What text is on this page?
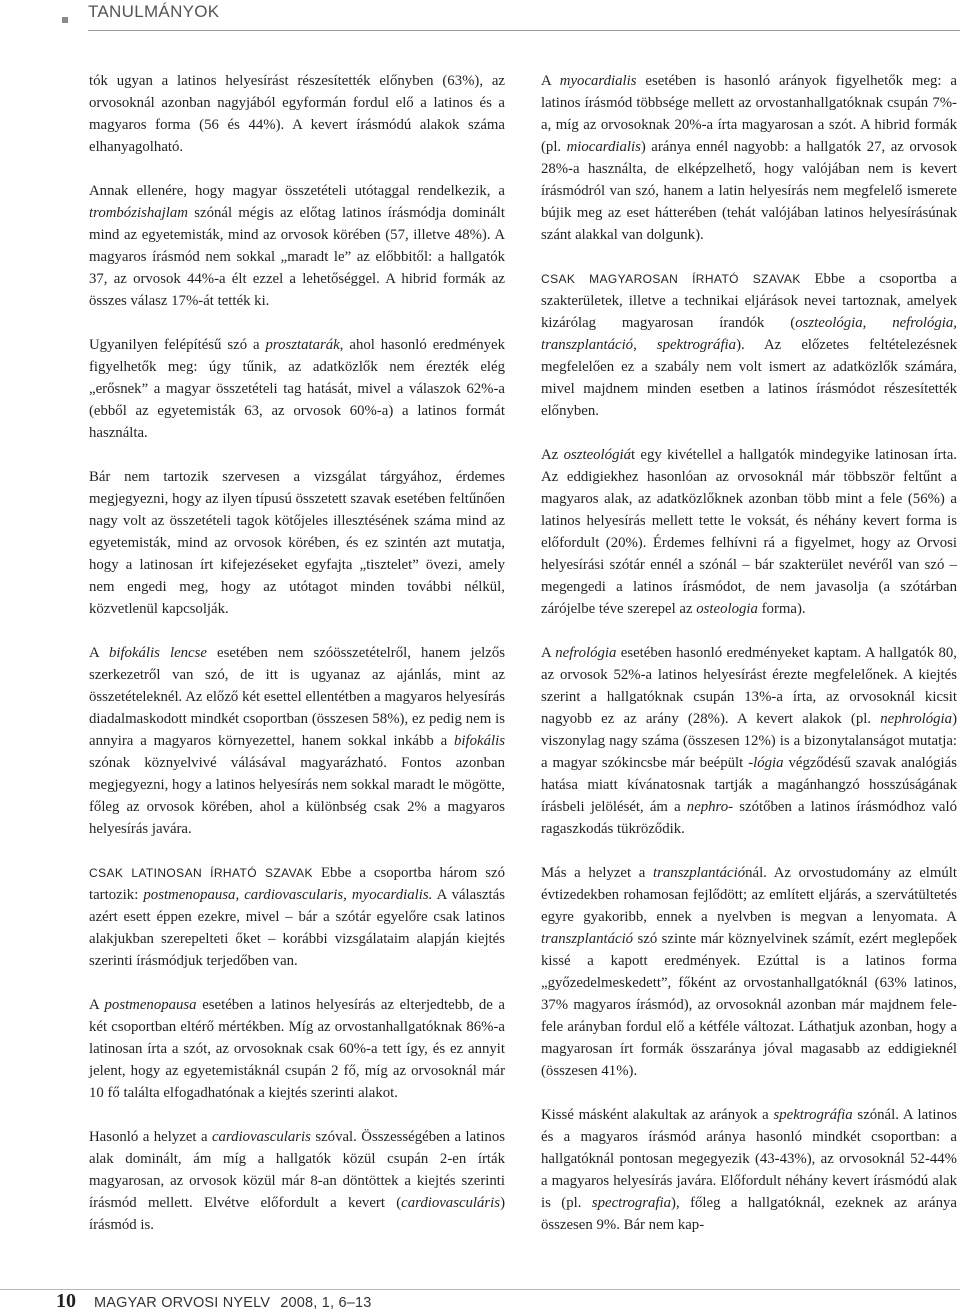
TANULMÁNYOK

tók ugyan a latinos helyesírást részesítették előnyben (63%), az orvosoknál azonban nagyjából egyformán fordul elő a latinos és a magyaros forma (56 és 44%). A kevert írásmódú alakok száma elhanyagolható.

Annak ellenére, hogy magyar összetételi utótaggal rendelkezik, a trombózishajlam szónál mégis az előtag latinos írásmódja dominált mind az egyetemisták, mind az orvosok körében (57, illetve 48%). A magyaros írásmód nem sokkal „maradt le” az előbbitől: a hallgatók 37, az orvosok 44%-a élt ezzel a lehetőséggel. A hibrid formák az összes válasz 17%-át tették ki.

Ugyanilyen felépítésű szó a prosztatarák, ahol hasonló eredmények figyelhetők meg: úgy tűnik, az adatközlők nem érezték elég „erősnek” a magyar összetételi tag hatását, mivel a válaszok 62%-a (ebből az egyetemisták 63, az orvosok 60%-a) a latinos formát használta.

Bár nem tartozik szervesen a vizsgálat tárgyához, érdemes megjegyezni, hogy az ilyen típusú összetett szavak esetében feltűnően nagy volt az összetételi tagok kötőjeles illesztésének száma mind az egyetemisták, mind az orvosok körében, és ez szintén azt mutatja, hogy a latinosan írt kifejezéseket egyfajta „tisztelet” övezi, amely nem engedi meg, hogy az utótagot minden további nélkül, közvetlenül kapcsolják.

A bifokális lencse esetében nem szóösszetételről, hanem jelzős szerkezetről van szó, de itt is ugyanaz az ajánlás, mint az összetételeknél. Az előző két esettel ellentétben a magyaros helyesírás diadalmaskodott mindkét csoportban (összesen 58%), ez pedig nem is annyira a magyaros környezettel, hanem sokkal inkább a bifokális szónak köznyelvivé válásával magyarázható. Fontos azonban megjegyezni, hogy a latinos helyesírás nem sokkal maradt le mögötte, főleg az orvosok körében, ahol a különbség csak 2% a magyaros helyesírás javára.

CSAK LATINOSAN ÍRHATÓ SZAVAK Ebbe a csoportba három szó tartozik: postmenopausa, cardiovascularis, myocardialis. A választás azért esett éppen ezekre, mivel – bár a szótár egyelőre csak latinos alakjukban szerepelteti őket – korábbi vizsgálataim alapján kiejtés szerinti írásmódjuk terjedőben van.

A postmenopausa esetében a latinos helyesírás az elterjedtebb, de a két csoportban eltérő mértékben. Míg az orvostanhallgatóknak 86%-a latinosan írta a szót, az orvosoknak csak 60%-a tett így, és ez annyit jelent, hogy az egyetemistáknál csupán 2 fő, míg az orvosoknál már 10 fő találta elfogadhatónak a kiejtés szerinti alakot.

Hasonló a helyzet a cardiovascularis szóval. Összességében a latinos alak dominált, ám míg a hallgatók közül csupán 2-en írták magyarosan, az orvosok közül már 8-an döntöttek a kiejtés szerinti írásmód mellett. Elvétve előfordult a kevert (cardiovasculáris) írásmód is.

A myocardialis esetében is hasonló arányok figyelhetők meg: a latinos írásmód többsége mellett az orvostanhallgatóknak csupán 7%-a, míg az orvosoknak 20%-a írta magyarosan a szót. A hibrid formák (pl. miocardialis) aránya ennél nagyobb: a hallgatók 27, az orvosok 28%-a használta, de elképzelhető, hogy valójában nem is kevert írásmódról van szó, hanem a latin helyesírás nem megfelelő ismerete bújik meg az eset hátterében (tehát valójában latinos helyesírásúnak szánt alakkal van dolgunk).

CSAK MAGYAROSAN ÍRHATÓ SZAVAK Ebbe a csoportba a szakterületek, illetve a technikai eljárások nevei tartoznak, amelyek kizárólag magyarosan írandók (oszteológia, nefrológia, transzplantáció, spektrográfia). Az előzetes feltételezésnek megfelelően ez a szabály nem volt ismert az adatközlők számára, mivel majdnem minden esetben a latinos írásmódot részesítették előnyben.

Az oszteológiát egy kivétellel a hallgatók mindegyike latinosan írta. Az eddigiekhez hasonlóan az orvosoknál már többször feltűnt a magyaros alak, az adatközlőknek azonban több mint a fele (56%) a latinos helyesírás mellett tette le voksát, és néhány kevert forma is előfordult (20%). Érdemes felhívni rá a figyelmet, hogy az Orvosi helyesírási szótár ennél a szónál – bár szakterület nevéről van szó – megengedi a latinos írásmódot, de nem javasolja (a szótárban zárójelbe téve szerepel az osteologia forma).

A nefrológia esetében hasonló eredményeket kaptam. A hallgatók 80, az orvosok 52%-a latinos helyesírást érezte megfelelőnek. A kiejtés szerint a hallgatóknak csupán 13%-a írta, az orvosoknál kicsit nagyobb ez az arány (28%). A kevert alakok (pl. nephrológia) viszonylag nagy száma (összesen 12%) is a bizonytalanságot mutatja: a magyar szókincsbe már beépült -lógia végződésű szavak analógiás hatása miatt kívánatosnak tartják a magánhangzó hosszúságának írásbeli jelölését, ám a nephro- szótőben a latinos írásmódhoz való ragaszkodás tükröződik.

Más a helyzet a transzplantációnál. Az orvostudomány az elmúlt évtizedekben rohamosan fejlődött; az említett eljárás, a szervátültetés egyre gyakoribb, ennek a nyelvben is megvan a lenyomata. A transzplantáció szó szinte már köznyelvinek számít, ezért meglepőek kissé a kapott eredmények. Ezúttal is a latinos forma „győzedelmeskedett”, főként az orvostanhallgatóknál (63% latinos, 37% magyaros írásmód), az orvosoknál azonban már majdnem fele-fele arányban fordul elő a kétféle változat. Láthatjuk azonban, hogy a magyarosan írt formák összaránya jóval magasabb az eddigieknél (összesen 41%).

Kissé másként alakultak az arányok a spektrográfia szónál. A latinos és a magyaros írásmód aránya hasonló mindkét csoportban: a hallgatóknál pontosan megegyezik (43-43%), az orvosoknál 52-44% a magyaros helyesírás javára. Előfordult néhány kevert írásmódú alak is (pl. spectrografia), főleg a hallgatóknál, ezeknek az aránya összesen 9%. Bár nem kap-

10 MAGYAR ORVOSI NYELV 2008, 1, 6–13
